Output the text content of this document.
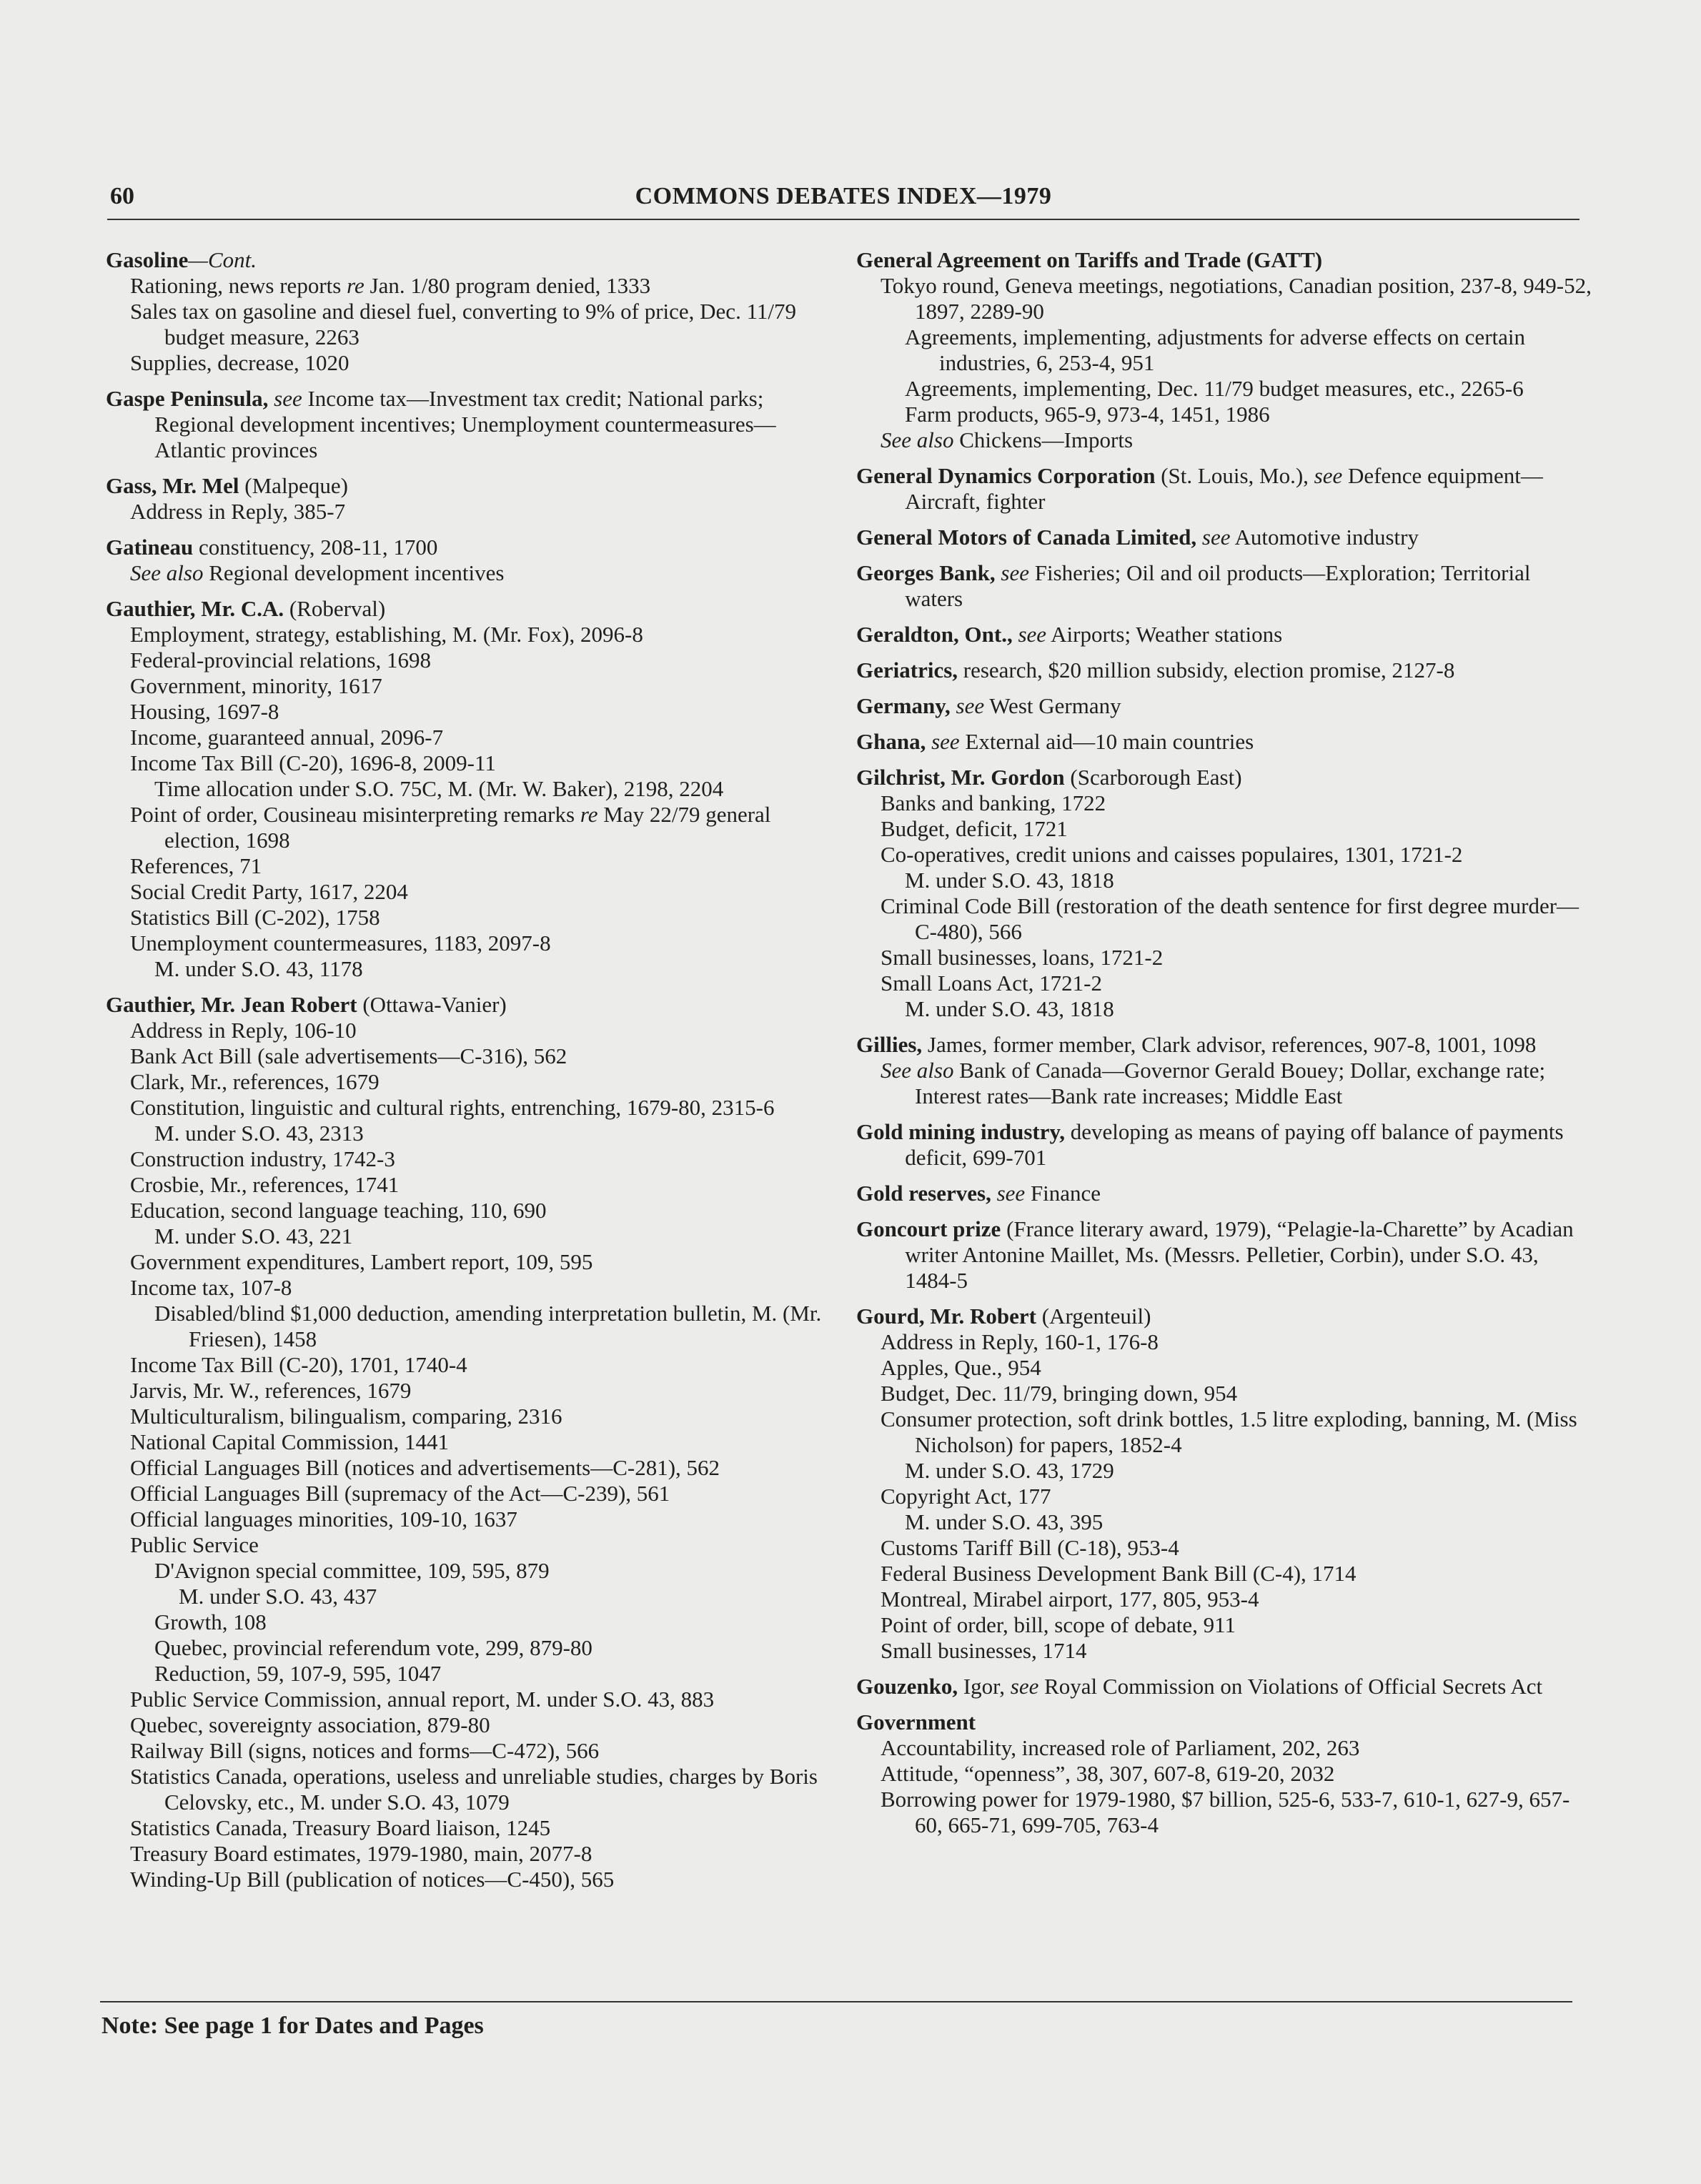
60	COMMONS DEBATES INDEX—1979
Gasoline—Cont.
Rationing, news reports re Jan. 1/80 program denied, 1333
Sales tax on gasoline and diesel fuel, converting to 9% of price, Dec. 11/79 budget measure, 2263
Supplies, decrease, 1020
Gaspe Peninsula, see Income tax—Investment tax credit; National parks; Regional development incentives; Unemployment countermeasures—Atlantic provinces
Gass, Mr. Mel (Malpeque)
Address in Reply, 385-7
Gatineau constituency, 208-11, 1700
See also Regional development incentives
Gauthier, Mr. C.A. (Roberval)
Employment, strategy, establishing, M. (Mr. Fox), 2096-8
Federal-provincial relations, 1698
Government, minority, 1617
Housing, 1697-8
Income, guaranteed annual, 2096-7
Income Tax Bill (C-20), 1696-8, 2009-11
Time allocation under S.O. 75C, M. (Mr. W. Baker), 2198, 2204
Point of order, Cousineau misinterpreting remarks re May 22/79 general election, 1698
References, 71
Social Credit Party, 1617, 2204
Statistics Bill (C-202), 1758
Unemployment countermeasures, 1183, 2097-8
M. under S.O. 43, 1178
Gauthier, Mr. Jean Robert (Ottawa-Vanier)
Address in Reply, 106-10
Bank Act Bill (sale advertisements—C-316), 562
Clark, Mr., references, 1679
Constitution, linguistic and cultural rights, entrenching, 1679-80, 2315-6
M. under S.O. 43, 2313
Construction industry, 1742-3
Crosbie, Mr., references, 1741
Education, second language teaching, 110, 690
M. under S.O. 43, 221
Government expenditures, Lambert report, 109, 595
Income tax, 107-8
Disabled/blind $1,000 deduction, amending interpretation bulletin, M. (Mr. Friesen), 1458
Income Tax Bill (C-20), 1701, 1740-4
Jarvis, Mr. W., references, 1679
Multiculturalism, bilingualism, comparing, 2316
National Capital Commission, 1441
Official Languages Bill (notices and advertisements—C-281), 562
Official Languages Bill (supremacy of the Act—C-239), 561
Official languages minorities, 109-10, 1637
Public Service
D'Avignon special committee, 109, 595, 879
M. under S.O. 43, 437
Growth, 108
Quebec, provincial referendum vote, 299, 879-80
Reduction, 59, 107-9, 595, 1047
Public Service Commission, annual report, M. under S.O. 43, 883
Quebec, sovereignty association, 879-80
Railway Bill (signs, notices and forms—C-472), 566
Statistics Canada, operations, useless and unreliable studies, charges by Boris Celovsky, etc., M. under S.O. 43, 1079
Statistics Canada, Treasury Board liaison, 1245
Treasury Board estimates, 1979-1980, main, 2077-8
Winding-Up Bill (publication of notices—C-450), 565
General Agreement on Tariffs and Trade (GATT)
Tokyo round, Geneva meetings, negotiations, Canadian position, 237-8, 949-52, 1897, 2289-90
Agreements, implementing, adjustments for adverse effects on certain industries, 6, 253-4, 951
Agreements, implementing, Dec. 11/79 budget measures, etc., 2265-6
Farm products, 965-9, 973-4, 1451, 1986
See also Chickens—Imports
General Dynamics Corporation (St. Louis, Mo.), see Defence equipment—Aircraft, fighter
General Motors of Canada Limited, see Automotive industry
Georges Bank, see Fisheries; Oil and oil products—Exploration; Territorial waters
Geraldton, Ont., see Airports; Weather stations
Geriatrics, research, $20 million subsidy, election promise, 2127-8
Germany, see West Germany
Ghana, see External aid—10 main countries
Gilchrist, Mr. Gordon (Scarborough East)
Banks and banking, 1722
Budget, deficit, 1721
Co-operatives, credit unions and caisses populaires, 1301, 1721-2
M. under S.O. 43, 1818
Criminal Code Bill (restoration of the death sentence for first degree murder—C-480), 566
Small businesses, loans, 1721-2
Small Loans Act, 1721-2
M. under S.O. 43, 1818
Gillies, James, former member, Clark advisor, references, 907-8, 1001, 1098
See also Bank of Canada—Governor Gerald Bouey; Dollar, exchange rate; Interest rates—Bank rate increases; Middle East
Gold mining industry, developing as means of paying off balance of payments deficit, 699-701
Gold reserves, see Finance
Goncourt prize (France literary award, 1979), “Pelagie-la-Charette” by Acadian writer Antonine Maillet, Ms. (Messrs. Pelletier, Corbin), under S.O. 43, 1484-5
Gourd, Mr. Robert (Argenteuil)
Address in Reply, 160-1, 176-8
Apples, Que., 954
Budget, Dec. 11/79, bringing down, 954
Consumer protection, soft drink bottles, 1.5 litre exploding, banning, M. (Miss Nicholson) for papers, 1852-4
M. under S.O. 43, 1729
Copyright Act, 177
M. under S.O. 43, 395
Customs Tariff Bill (C-18), 953-4
Federal Business Development Bank Bill (C-4), 1714
Montreal, Mirabel airport, 177, 805, 953-4
Point of order, bill, scope of debate, 911
Small businesses, 1714
Gouzenko, Igor, see Royal Commission on Violations of Official Secrets Act
Government
Accountability, increased role of Parliament, 202, 263
Attitude, “openness”, 38, 307, 607-8, 619-20, 2032
Borrowing power for 1979-1980, $7 billion, 525-6, 533-7, 610-1, 627-9, 657-60, 665-71, 699-705, 763-4
Note: See page 1 for Dates and Pages
